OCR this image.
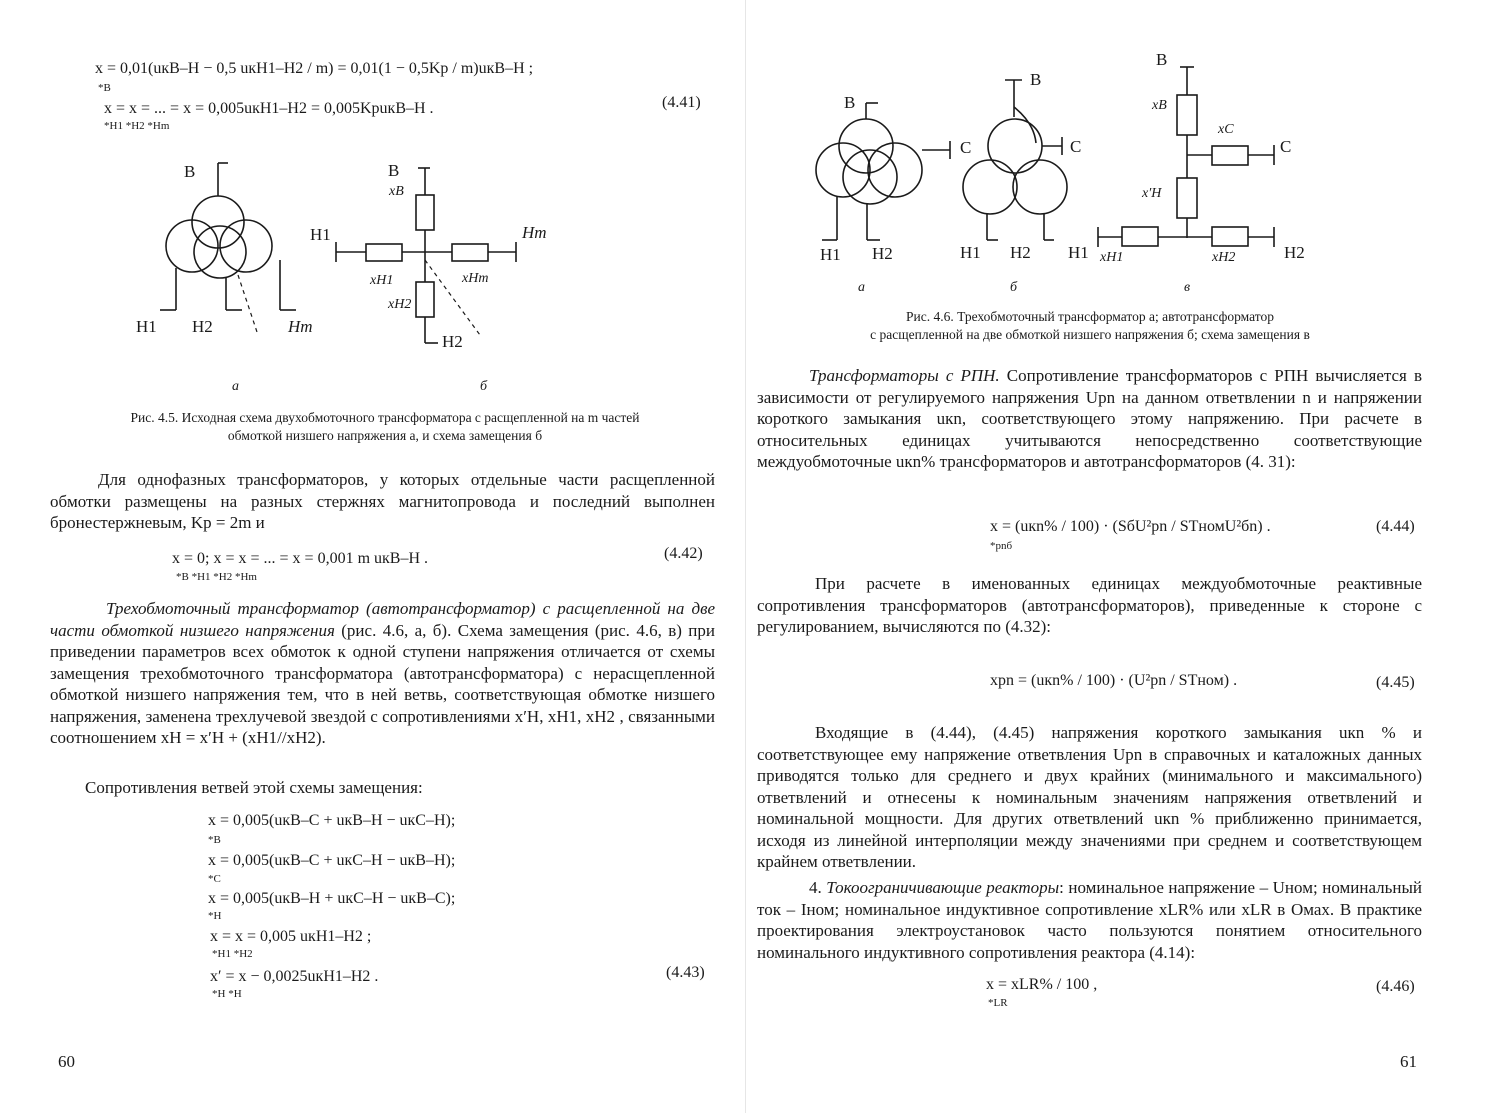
x = 0,01(uкВ–Н − 0,5 uкН1–Н2 / m) = 0,01(1 − 0,5Kр / m)uкВ–Н ;
*В
x = x = ... = x = 0,005uкН1–Н2 = 0,005KрuкВ–Н .
*Н1 *Н2 *Нm
(4.41)
В
Н1 Н2	Нm
В
Н1	Нm
Н2
xВ
xН1	xНm
xН2
а	б
Рис. 4.5. Исходная схема двухобмоточного трансформатора с расщепленной на m частей
обмоткой низшего напряжения а, и схема замещения б
Для однофазных трансформаторов, у которых отдельные части расщепленной обмотки размещены на разных стержнях магнитопровода и последний выполнен бронестержневым, Kр = 2m и
x = 0; x = x = ... = x = 0,001 m uкВ–Н .
*В *Н1 *Н2 *Нm
(4.42)
Трехобмоточный трансформатор (автотрансформатор) с расщепленной на две части обмоткой низшего напряжения (рис. 4.6, а, б). Схема замещения (рис. 4.6, в) при приведении параметров всех обмоток к одной ступени напряжения отличается от схемы замещения трехобмоточного трансформатора (автотрансформатора) с нерасщепленной обмоткой низшего напряжения тем, что в ней ветвь, соответствующая обмотке низшего напряжения, заменена трехлучевой звездой с сопротивлениями x′Н, xН1, xН2 , связанными соотношением xН = x′Н + (xН1//xН2).
Сопротивления ветвей этой схемы замещения:
x = 0,005(uкВ–С + uкВ–Н − uкС–Н);
*В
x = 0,005(uкВ–С + uкС–Н − uкВ–Н);
*С
x = 0,005(uкВ–Н + uкС–Н − uкВ–С);
*Н
x = x = 0,005 uкН1–Н2 ;
*Н1 *Н2
x′ = x − 0,0025uкН1–Н2 .
*Н *Н
(4.43)
60
В
С
Н1 Н2
В
С
Н1 Н2
В
С
Н1	Н2
xВ
xС
x′Н
xН1	xН2
а	б	в
Рис. 4.6. Трехобмоточный трансформатор а; автотрансформатор
с расщепленной на две обмоткой низшего напряжения б; схема замещения в
Трансформаторы с РПН. Сопротивление трансформаторов с РПН вычисляется в зависимости от регулируемого напряжения Uрn на данном ответвлении n и напряжении короткого замыкания uкn, соответствующего этому напряжению. При расчете в относительных единицах учитываются непосредственно соответствующие междуобмоточные uкn% трансформаторов и автотрансформаторов (4. 31):
x = (uкn% / 100) · (SбU²рn / SТномU²бn) .
*рnб
(4.44)
При расчете в именованных единицах междуобмоточные реактивные сопротивления трансформаторов (автотрансформаторов), приведенные к стороне с регулированием, вычисляются по (4.32):
xрn = (uкn% / 100) · (U²рn / SТном) .	(4.45)
Входящие в (4.44), (4.45) напряжения короткого замыкания uкn % и соответствующее ему напряжение ответвления Uрn в справочных и каталожных данных приводятся только для среднего и двух крайних (минимального и максимального) ответвлений и отнесены к номинальным значениям напряжения ответвлений и номинальной мощности. Для других ответвлений uкn % приближенно принимается, исходя из линейной интерполяции между значениями при среднем и соответствующем крайнем ответвлении.
4. Токоограничивающие реакторы: номинальное напряжение – Uном; номинальный ток – Iном; номинальное индуктивное сопротивление xLR% или xLR в Омах. В практике проектирования электроустановок часто пользуются понятием относительного номинального индуктивного сопротивления реактора (4.14):
x = xLR% / 100 ,
*LR
(4.46)
61
